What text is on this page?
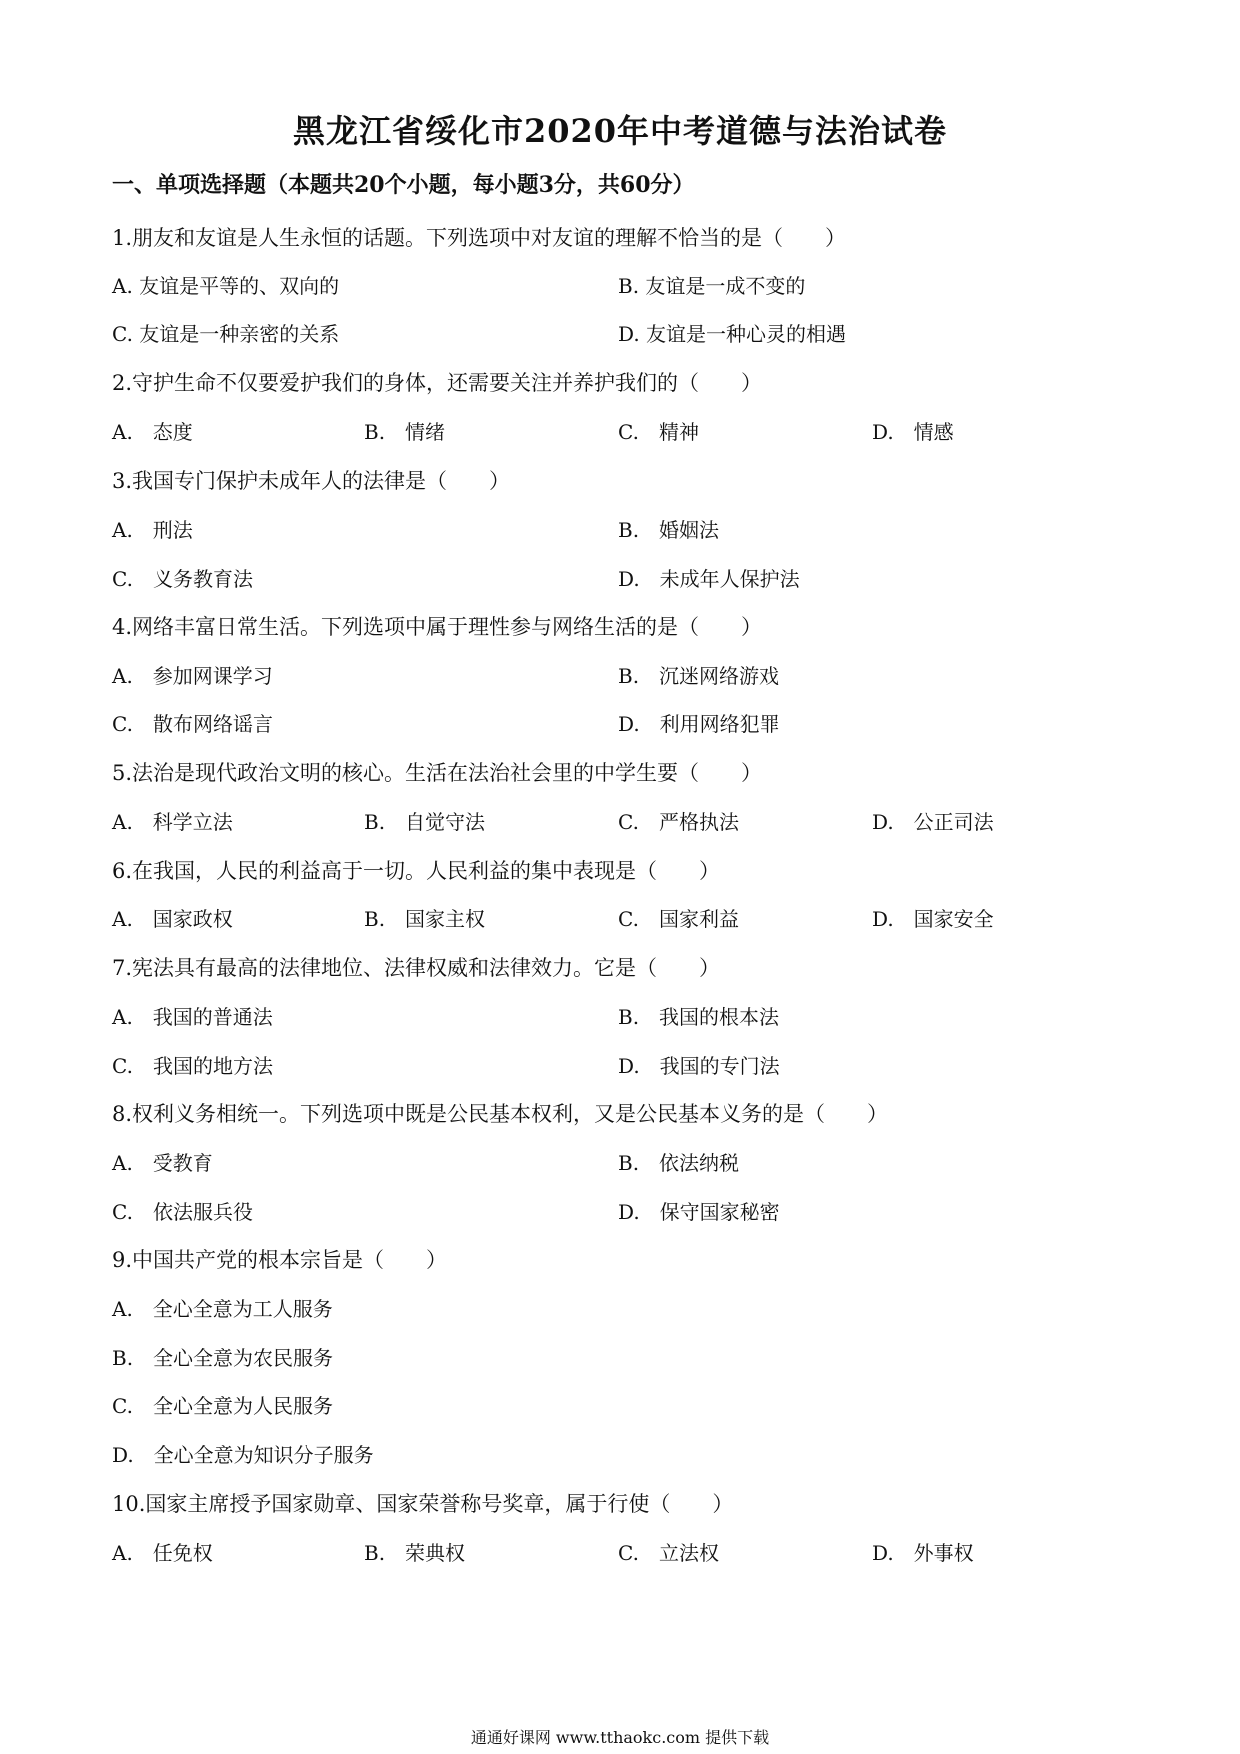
黑龙江省绥化市2020年中考道德与法治试卷
一、单项选择题（本题共20个小题，每小题3分，共60分）
1.朋友和友谊是人生永恒的话题。下列选项中对友谊的理解不恰当的是（　　）
A. 友谊是平等的、双向的	B. 友谊是一成不变的
C. 友谊是一种亲密的关系	D. 友谊是一种心灵的相遇
2.守护生命不仅要爱护我们的身体，还需要关注并养护我们的（　　）
A.　态度	B.　情绪	C.　精神	D.　情感
3.我国专门保护未成年人的法律是（　　）
A.　刑法	B.　婚姻法
C.　义务教育法	D.　未成年人保护法
4.网络丰富日常生活。下列选项中属于理性参与网络生活的是（　　）
A.　参加网课学习	B.　沉迷网络游戏
C.　散布网络谣言	D.　利用网络犯罪
5.法治是现代政治文明的核心。生活在法治社会里的中学生要（　　）
A.　科学立法	B.　自觉守法	C.　严格执法	D.　公正司法
6.在我国，人民的利益高于一切。人民利益的集中表现是（　　）
A.　国家政权	B.　国家主权	C.　国家利益	D.　国家安全
7.宪法具有最高的法律地位、法律权威和法律效力。它是（　　）
A.　我国的普通法	B.　我国的根本法
C.　我国的地方法	D.　我国的专门法
8.权利义务相统一。下列选项中既是公民基本权利，又是公民基本义务的是（　　）
A.　受教育	B.　依法纳税
C.　依法服兵役	D.　保守国家秘密
9.中国共产党的根本宗旨是（　　）
A.　全心全意为工人服务
B.　全心全意为农民服务
C.　全心全意为人民服务
D.　全心全意为知识分子服务
10.国家主席授予国家勋章、国家荣誉称号奖章，属于行使（　　）
A.　任免权	B.　荣典权	C.　立法权	D.　外事权
通通好课网 www.tthaokc.com 提供下载
